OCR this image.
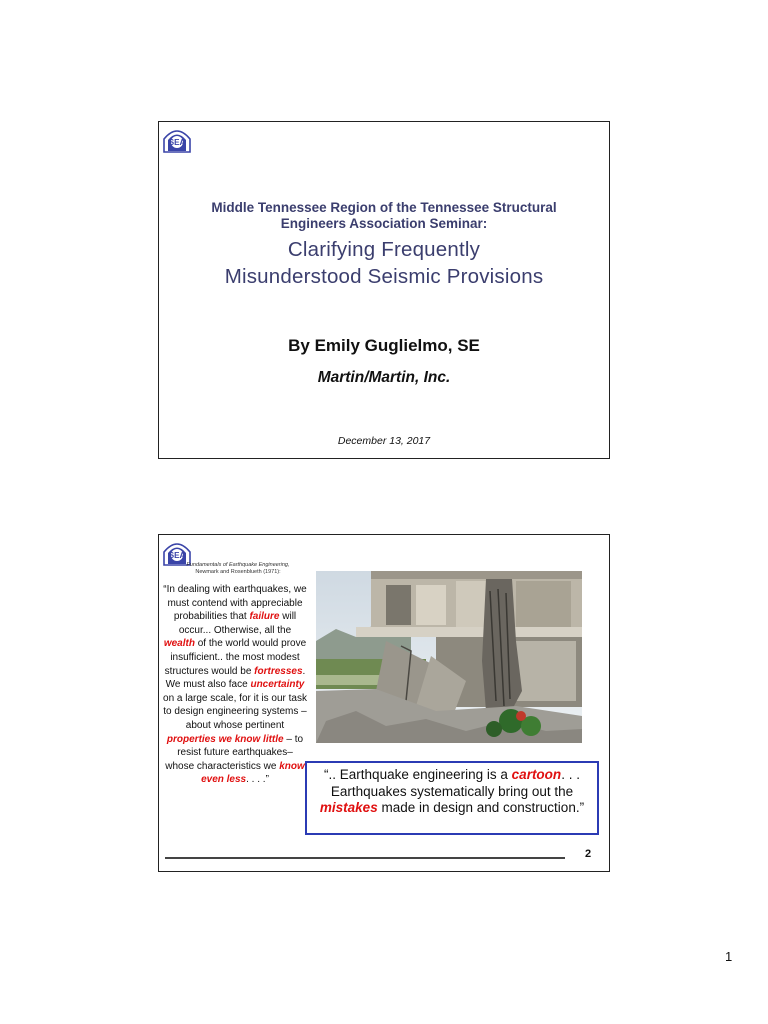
SEA
Middle Tennessee Region of the Tennessee Structural
Engineers Association Seminar:
Clarifying Frequently
Misunderstood Seismic Provisions
By Emily Guglielmo, SE
Martin/Martin, Inc.
December 13, 2017
SEA
Fundamentals of Earthquake Engineering,
Newmark and Rosenblueth (1971):
“In dealing with earthquakes, we must contend with appreciable probabilities that failure will occur... Otherwise, all the wealth of the world would prove insufficient.. the most modest structures would be fortresses. We must also face uncertainty on a large scale, for it is our task to design engineering systems – about whose pertinent properties we know little – to resist future earthquakes– whose characteristics we know even less. . . .”	“.. Earthquake engineering is a cartoon. . . Earthquakes systematically bring out the mistakes made in design and construction.”
2
1
